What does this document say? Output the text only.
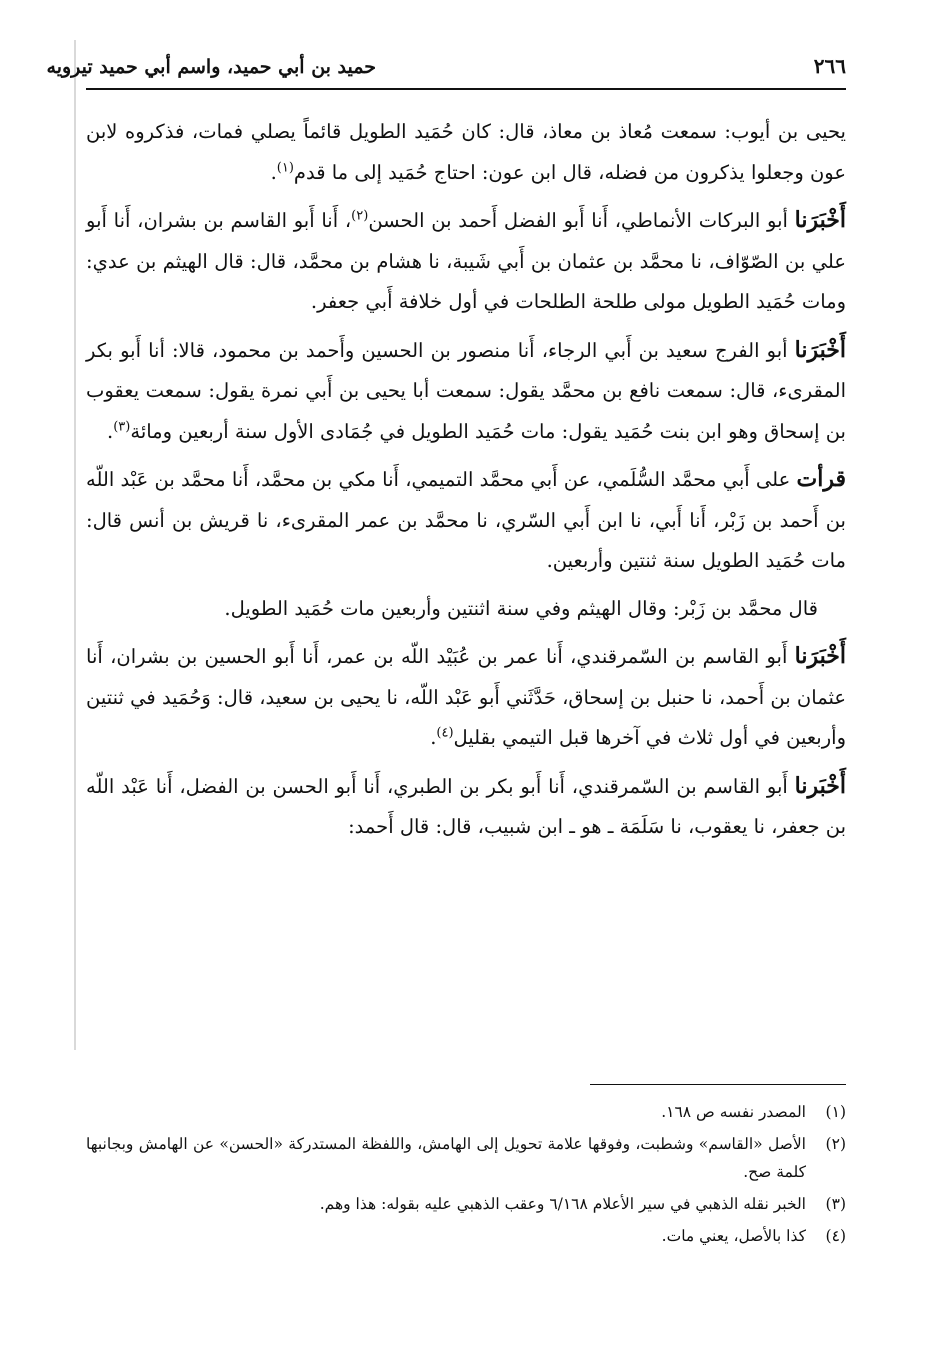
٢٦٦
حميد بن أبي حميد، واسم أبي حميد تيرويه

يحيى بن أيوب: سمعت مُعاذ بن معاذ، قال: كان حُمَيد الطويل قائماً يصلي فمات، فذكروه لابن عون وجعلوا يذكرون من فضله، قال ابن عون: احتاج حُمَيد إلى ما قدم$^{(١)}$.

أَخْبَرَنا أبو البركات الأنماطي، أَنا أَبو الفضل أَحمد بن الحسن$^{(٢)}$، أَنا أَبو القاسم بن بشران، أَنا أَبو علي بن الصّوّاف، نا محمَّد بن عثمان بن أَبي شَيبة، نا هشام بن محمَّد، قال: قال الهيثم بن عدي: ومات حُمَيد الطويل مولى طلحة الطلحات في أول خلافة أَبي جعفر.

أَخْبَرَنا أبو الفرج سعيد بن أَبي الرجاء، أَنا منصور بن الحسين وأَحمد بن محمود، قالا: أنا أَبو بكر المقرىء، قال: سمعت نافع بن محمَّد يقول: سمعت أبا يحيى بن أَبي نمرة يقول: سمعت يعقوب بن إسحاق وهو ابن بنت حُمَيد يقول: مات حُمَيد الطويل في جُمَادى الأول سنة أربعين ومائة$^{(٣)}$.

قرأت على أَبي محمَّد السُّلَمي، عن أَبي محمَّد التميمي، أَنا مكي بن محمَّد، أَنا محمَّد بن عَبْد اللّه بن أَحمد بن زَبْر، أَنا أَبي، نا ابن أَبي السّري، نا محمَّد بن عمر المقرىء، نا قريش بن أنس قال: مات حُمَيد الطويل سنة ثنتين وأربعين.

قال محمَّد بن زَبْر: وقال الهيثم وفي سنة اثنتين وأربعين مات حُمَيد الطويل.

أَخْبَرَنا أَبو القاسم بن السّمرقندي، أَنا عمر بن عُبَيْد اللّه بن عمر، أَنا أَبو الحسين بن بشران، أَنا عثمان بن أَحمد، نا حنبل بن إسحاق، حَدَّثَني أَبو عَبْد اللّه، نا يحيى بن سعيد، قال: وَحُمَيد في ثنتين وأربعين في أول ثلاث في آخرها قبل التيمي بقليل$^{(٤)}$.

أَخْبَرنا أَبو القاسم بن السّمرقندي، أَنا أَبو بكر بن الطبري، أَنا أَبو الحسن بن الفضل، أَنا عَبْد اللّه بن جعفر، نا يعقوب، نا سَلَمَة ـ هو ـ ابن شبيب، قال: قال أَحمد:

(١)
المصدر نفسه ص ١٦٨.

(٢)
الأصل «القاسم» وشطبت، وفوقها علامة تحويل إلى الهامش، واللفظة المستدركة «الحسن» عن الهامش وبجانبها كلمة صح.

(٣)
الخبر نقله الذهبي في سير الأعلام ٦/١٦٨ وعقب الذهبي عليه بقوله: هذا وهم.

(٤)
كذا بالأصل، يعني مات.
